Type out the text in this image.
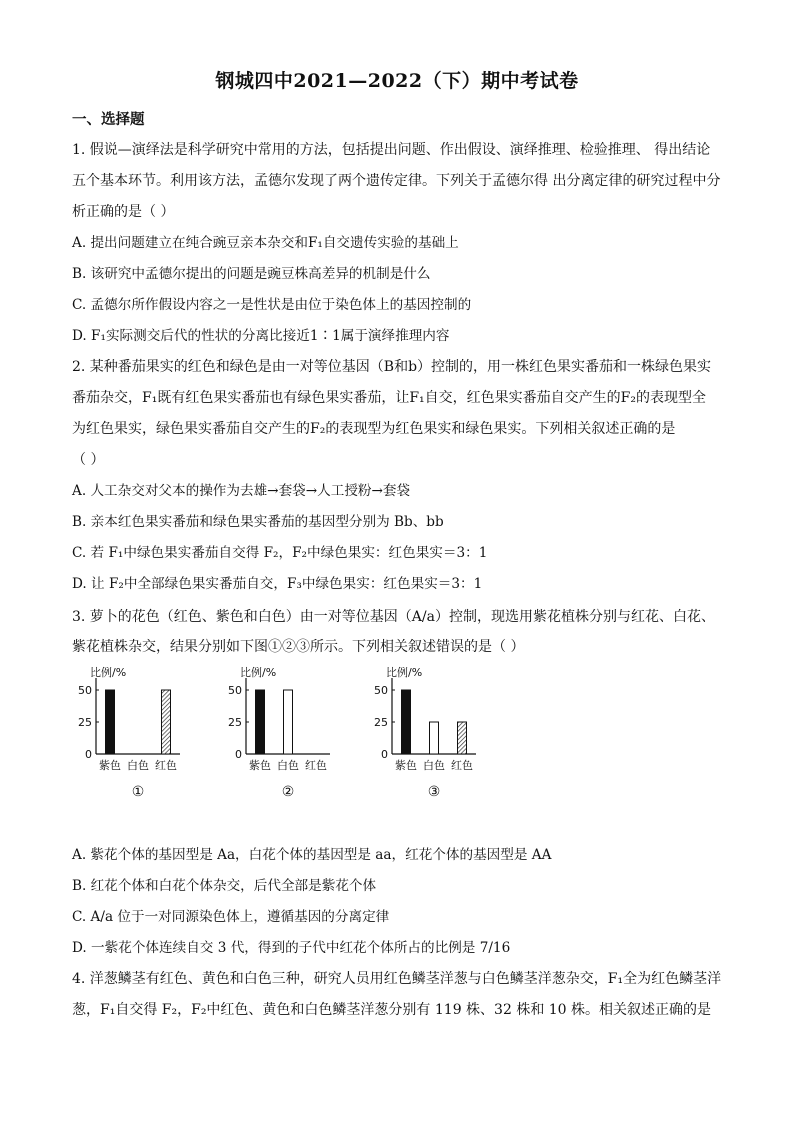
钢城四中2021—2022（下）期中考试卷
一、选择题
1. 假说—演绎法是科学研究中常用的方法，包括提出问题、作出假设、演绎推理、检验推理、 得出结论
五个基本环节。利用该方法，孟德尔发现了两个遗传定律。下列关于孟德尔得 出分离定律的研究过程中分
析正确的是（ ）
A. 提出问题建立在纯合豌豆亲本杂交和F₁自交遗传实验的基础上
B. 该研究中孟德尔提出的问题是豌豆株高差异的机制是什么
C. 孟德尔所作假设内容之一是性状是由位于染色体上的基因控制的
D. F₁实际测交后代的性状的分离比接近1∶1属于演绎推理内容
2. 某种番茄果实的红色和绿色是由一对等位基因（B和b）控制的，用一株红色果实番茄和一株绿色果实
番茄杂交，F₁既有红色果实番茄也有绿色果实番茄，让F₁自交，红色果实番茄自交产生的F₂的表现型全
为红色果实，绿色果实番茄自交产生的F₂的表现型为红色果实和绿色果实。下列相关叙述正确的是
（ ）
A. 人工杂交对父本的操作为去雄→套袋→人工授粉→套袋
B. 亲本红色果实番茄和绿色果实番茄的基因型分别为 Bb、bb
C. 若 F₁中绿色果实番茄自交得 F₂，F₂中绿色果实：红色果实＝3：1
D. 让 F₂中全部绿色果实番茄自交，F₃中绿色果实：红色果实＝3：1
3. 萝卜的花色（红色、紫色和白色）由一对等位基因（A/a）控制，现选用紫花植株分别与红花、白花、
紫花植株杂交，结果分别如下图①②③所示。下列相关叙述错误的是（ ）
比例/%
25
50
0
紫色 白色 红色
①
比例/%
25
50
0
紫色 白色 红色
②
比例/%
25
50
0
紫色 白色 红色
③
A. 紫花个体的基因型是 Aa，白花个体的基因型是 aa，红花个体的基因型是 AA
B. 红花个体和白花个体杂交，后代全部是紫花个体
C. A/a 位于一对同源染色体上，遵循基因的分离定律
D. 一紫花个体连续自交 3 代，得到的子代中红花个体所占的比例是 7/16
4. 洋葱鳞茎有红色、黄色和白色三种，研究人员用红色鳞茎洋葱与白色鳞茎洋葱杂交，F₁全为红色鳞茎洋
葱，F₁自交得 F₂，F₂中红色、黄色和白色鳞茎洋葱分别有 119 株、32 株和 10 株。相关叙述正确的是
